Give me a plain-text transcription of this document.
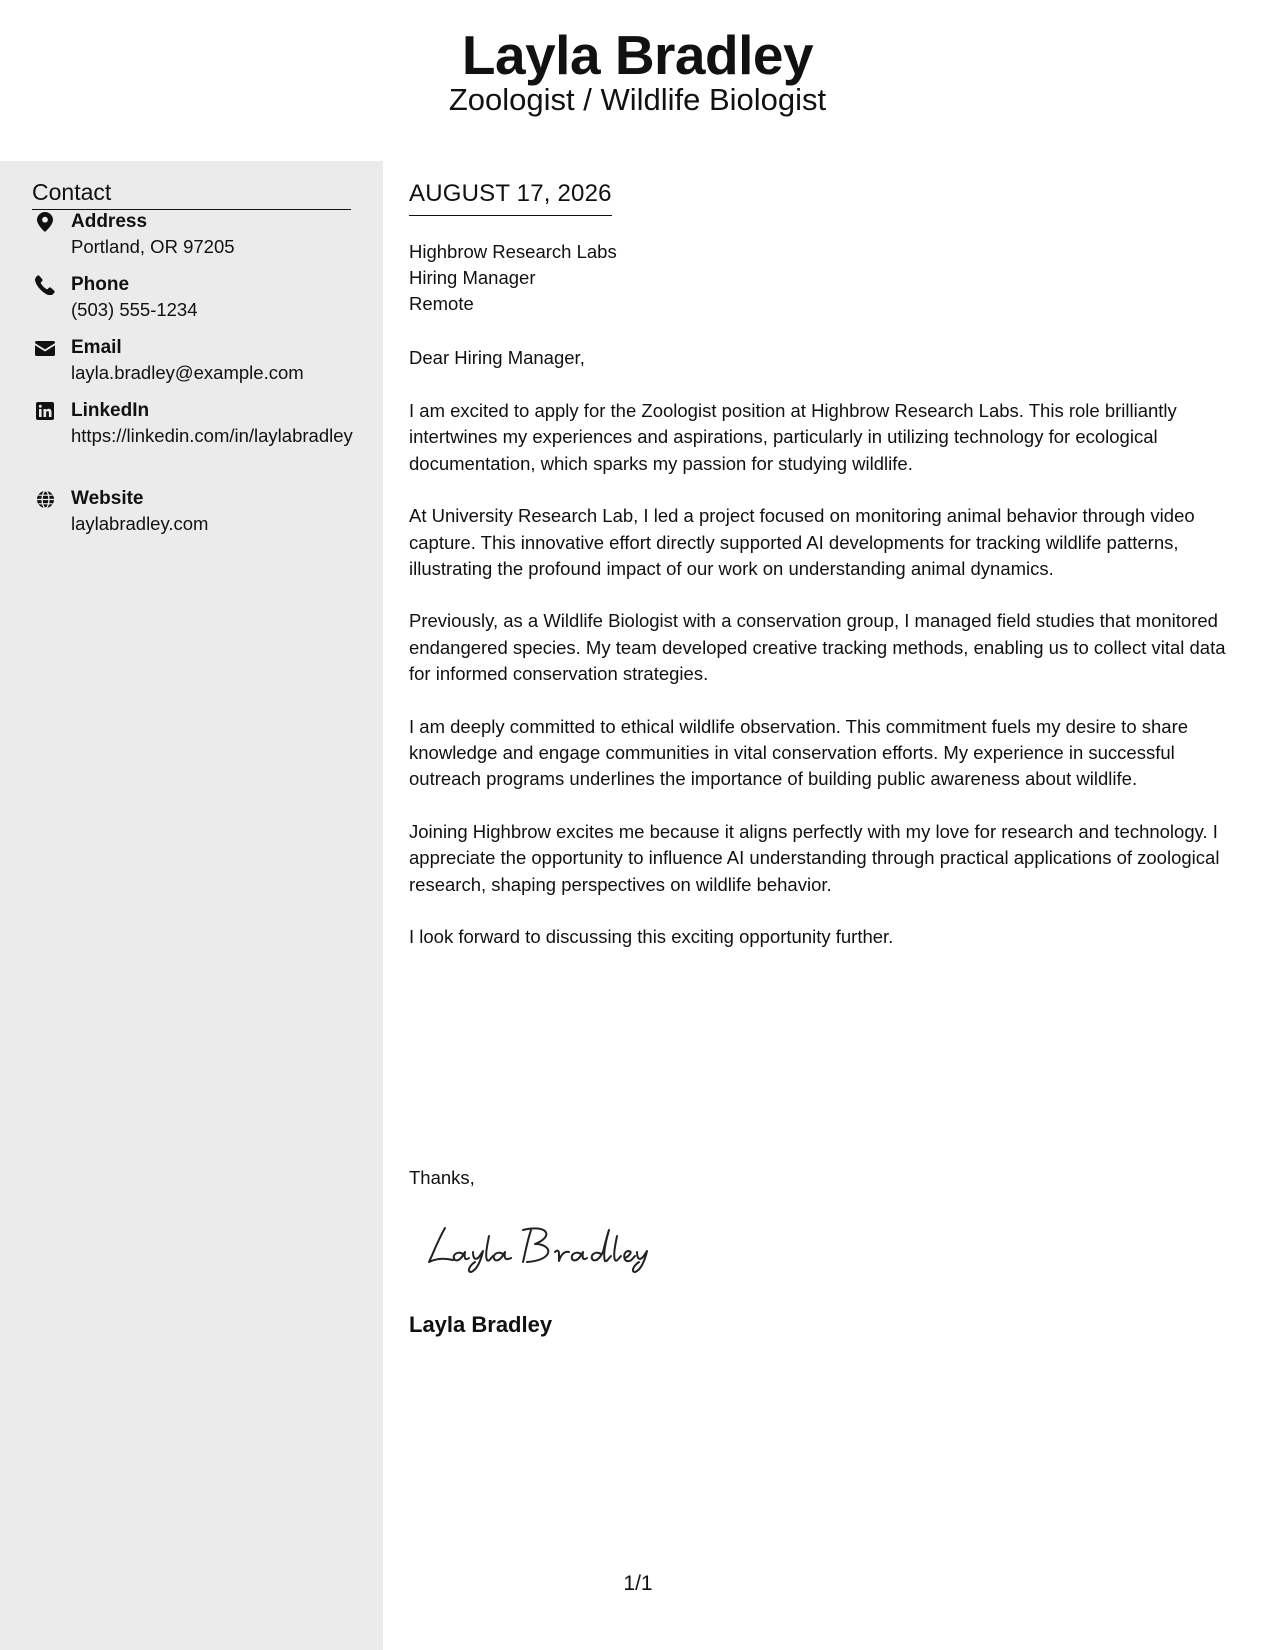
Layla Bradley
Zoologist / Wildlife Biologist
Contact
Address
Portland, OR 97205
Phone
(503) 555-1234
Email
layla.bradley@example.com
LinkedIn
https://linkedin.com/in/laylabradley
Website
laylabradley.com
AUGUST 17, 2026
Highbrow Research Labs
Hiring Manager
Remote
Dear Hiring Manager,

I am excited to apply for the Zoologist position at Highbrow Research Labs. This role brilliantly intertwines my experiences and aspirations, particularly in utilizing technology for ecological documentation, which sparks my passion for studying wildlife.

At University Research Lab, I led a project focused on monitoring animal behavior through video capture. This innovative effort directly supported AI developments for tracking wildlife patterns, illustrating the profound impact of our work on understanding animal dynamics.

Previously, as a Wildlife Biologist with a conservation group, I managed field studies that monitored endangered species. My team developed creative tracking methods, enabling us to collect vital data for informed conservation strategies.

I am deeply committed to ethical wildlife observation. This commitment fuels my desire to share knowledge and engage communities in vital conservation efforts. My experience in successful outreach programs underlines the importance of building public awareness about wildlife.

Joining Highbrow excites me because it aligns perfectly with my love for research and technology. I appreciate the opportunity to influence AI understanding through practical applications of zoological research, shaping perspectives on wildlife behavior.

I look forward to discussing this exciting opportunity further.

Thanks,
Layla Bradley
1/1
